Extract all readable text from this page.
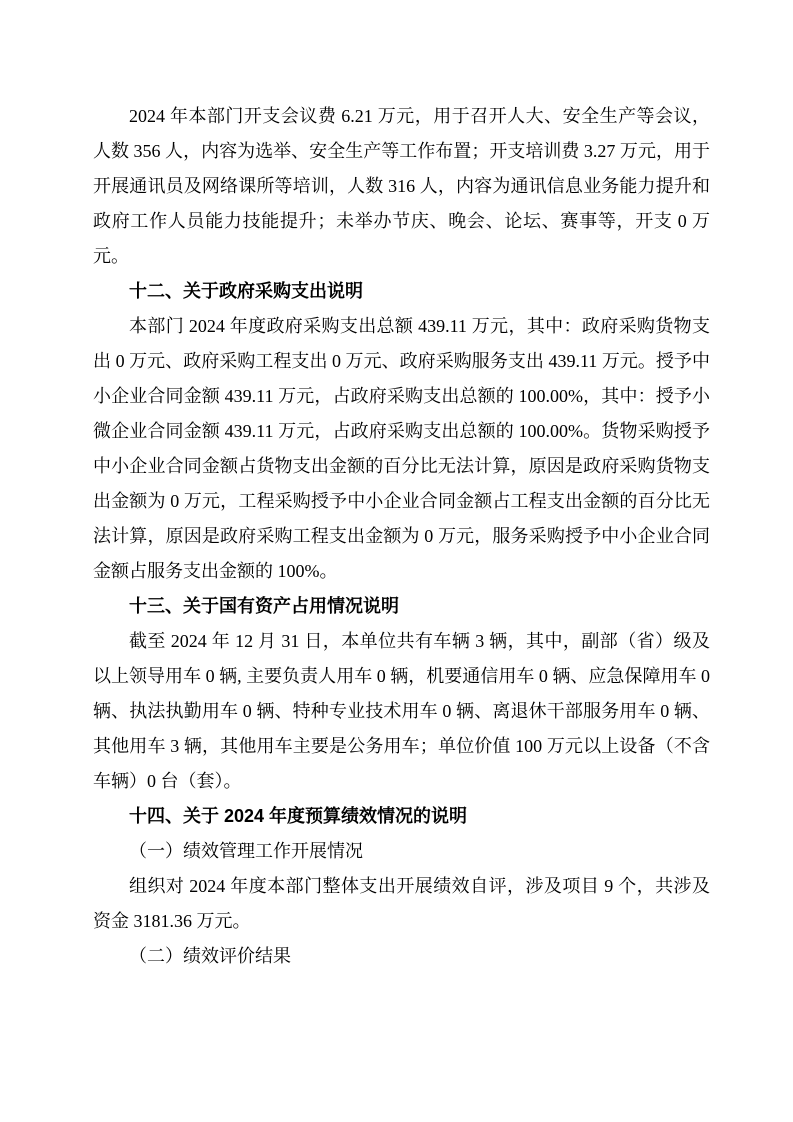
2024 年本部门开支会议费 6.21 万元，用于召开人大、安全生产等会议，人数 356 人，内容为选举、安全生产等工作布置；开支培训费 3.27 万元，用于开展通讯员及网络课所等培训，人数 316 人，内容为通讯信息业务能力提升和政府工作人员能力技能提升；未举办节庆、晚会、论坛、赛事等，开支 0 万元。

十二、关于政府采购支出说明

本部门 2024 年度政府采购支出总额 439.11 万元，其中：政府采购货物支出 0 万元、政府采购工程支出 0 万元、政府采购服务支出 439.11 万元。授予中小企业合同金额 439.11 万元，占政府采购支出总额的 100.00%，其中：授予小微企业合同金额 439.11 万元，占政府采购支出总额的 100.00%。货物采购授予中小企业合同金额占货物支出金额的百分比无法计算，原因是政府采购货物支出金额为 0 万元，工程采购授予中小企业合同金额占工程支出金额的百分比无法计算，原因是政府采购工程支出金额为 0 万元，服务采购授予中小企业合同金额占服务支出金额的 100%。

十三、关于国有资产占用情况说明

截至 2024 年 12 月 31 日，本单位共有车辆 3 辆，其中，副部（省）级及以上领导用车 0 辆, 主要负责人用车 0 辆，机要通信用车 0 辆、应急保障用车 0 辆、执法执勤用车 0 辆、特种专业技术用车 0 辆、离退休干部服务用车 0 辆、其他用车 3 辆，其他用车主要是公务用车；单位价值 100 万元以上设备（不含车辆）0 台（套）。

十四、关于 2024 年度预算绩效情况的说明

（一）绩效管理工作开展情况

组织对 2024 年度本部门整体支出开展绩效自评，涉及项目 9 个，共涉及资金 3181.36 万元。

（二）绩效评价结果
